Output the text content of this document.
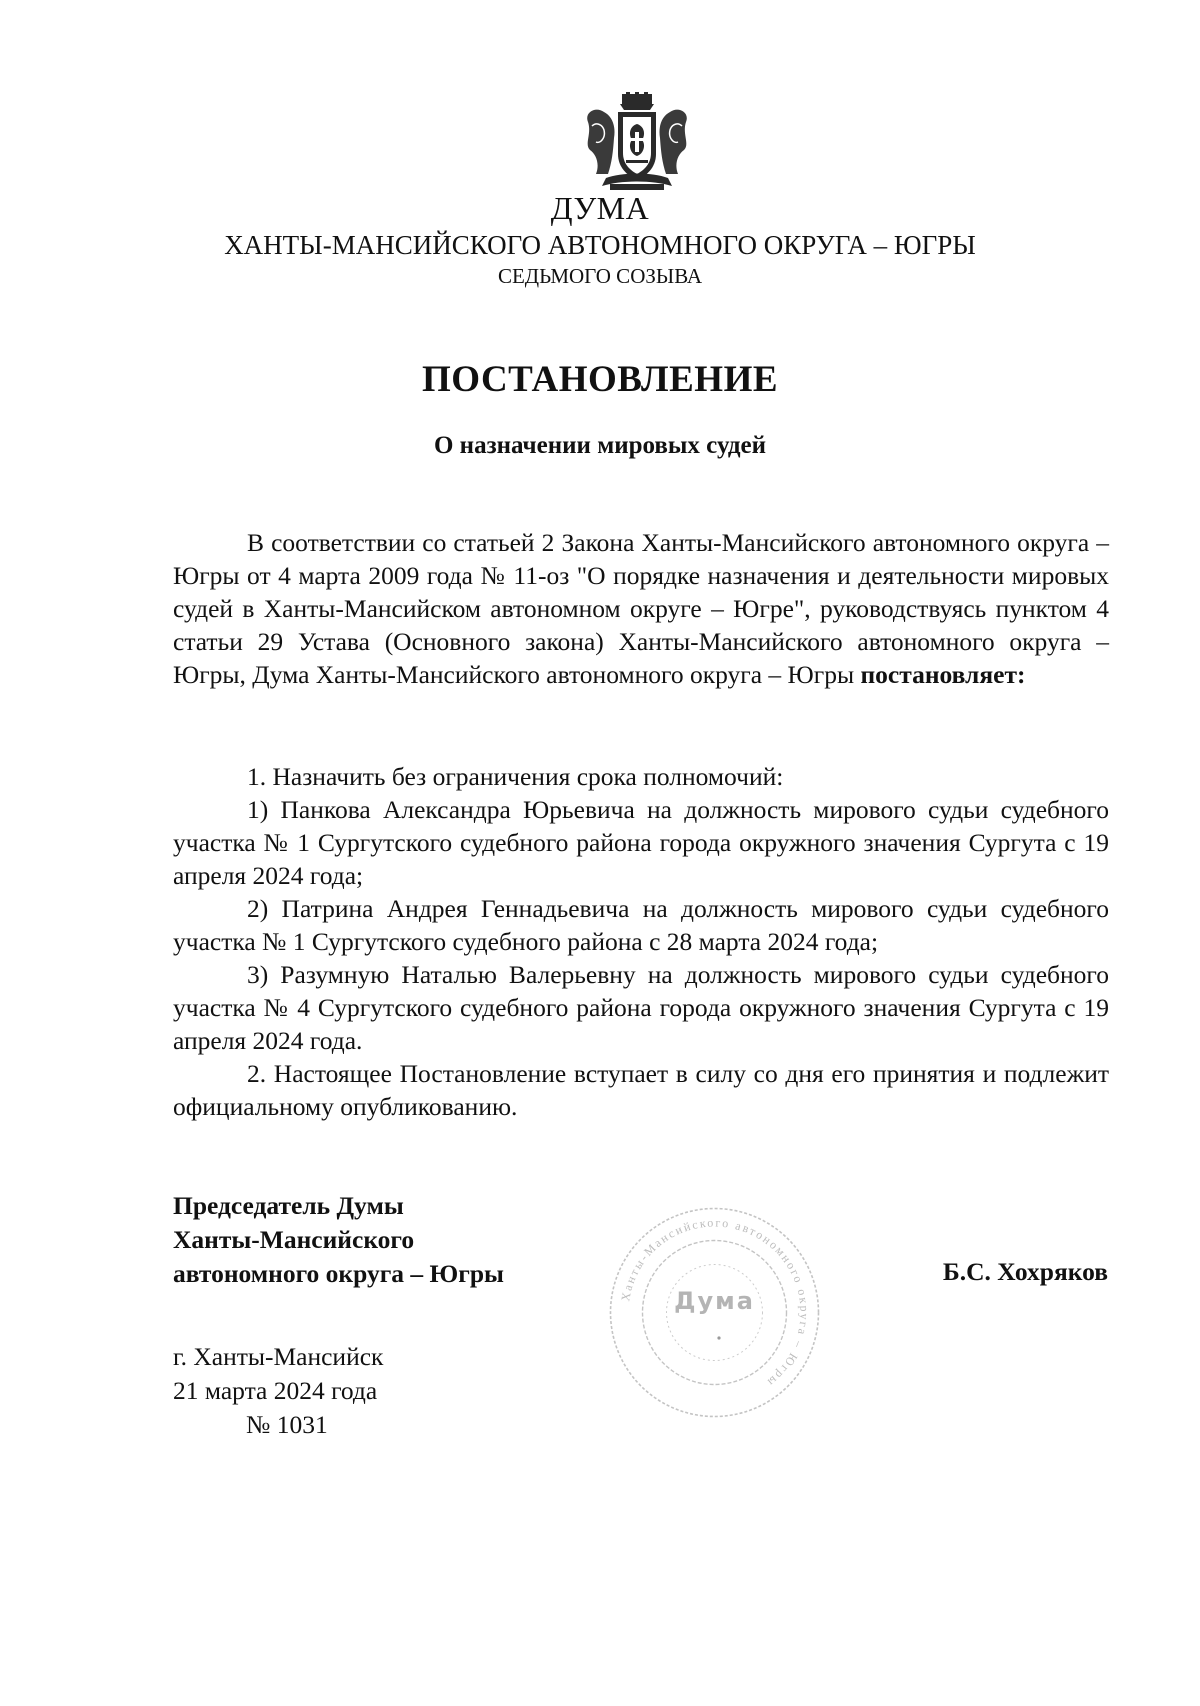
ДУМА
ХАНТЫ-МАНСИЙСКОГО АВТОНОМНОГО ОКРУГА – ЮГРЫ
СЕДЬМОГО СОЗЫВА
ПОСТАНОВЛЕНИЕ
О назначении мировых судей
В соответствии со статьей 2 Закона Ханты-Мансийского автономного округа – Югры от 4 марта 2009 года № 11-оз "О порядке назначения и деятельности мировых судей в Ханты-Мансийском автономном округе – Югре", руководствуясь пунктом 4 статьи 29 Устава (Основного закона) Ханты-Мансийского автономного округа – Югры, Дума Ханты-Мансийского автономного округа – Югры постановляет:

1. Назначить без ограничения срока полномочий:

1) Панкова Александра Юрьевича на должность мирового судьи судебного участка № 1 Сургутского судебного района города окружного значения Сургута с 19 апреля 2024 года;

2) Патрина Андрея Геннадьевича на должность мирового судьи судебного участка № 1 Сургутского судебного района с 28 марта 2024 года;

3) Разумную Наталью Валерьевну на должность мирового судьи судебного участка № 4 Сургутского судебного района города окружного значения Сургута с 19 апреля 2024 года.

2. Настоящее Постановление вступает в силу со дня его принятия и подлежит официальному опубликованию.

Председатель Думы
Ханты-Мансийского
автономного округа – Югры	Б.С. Хохряков
Ханты-Мансийского автономного округа – Югры
Дума
г. Ханты-Мансийск
21 марта 2024 года
№ 1031
